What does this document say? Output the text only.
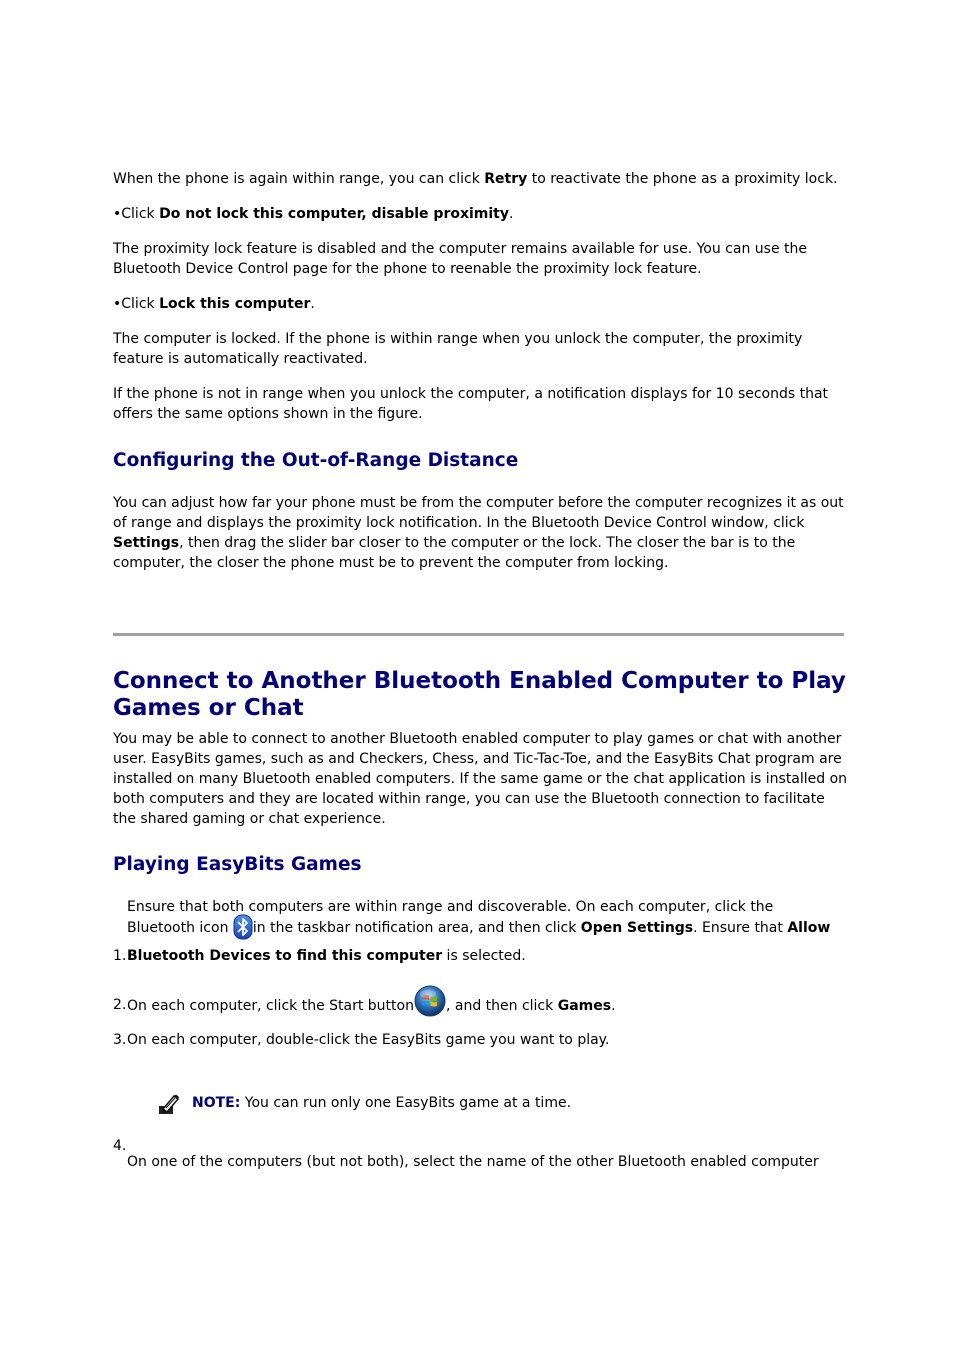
When the phone is again within range, you can click Retry to reactivate the phone as a proximity lock.

•Click Do not lock this computer, disable proximity.

The proximity lock feature is disabled and the computer remains available for use. You can use the Bluetooth Device Control page for the phone to reenable the proximity lock feature.

•Click Lock this computer.

The computer is locked. If the phone is within range when you unlock the computer, the proximity feature is automatically reactivated.

If the phone is not in range when you unlock the computer, a notification displays for 10 seconds that offers the same options shown in the figure.

Configuring the Out-of-Range Distance

You can adjust how far your phone must be from the computer before the computer recognizes it as out of range and displays the proximity lock notification. In the Bluetooth Device Control window, click Settings, then drag the slider bar closer to the computer or the lock. The closer the bar is to the computer, the closer the phone must be to prevent the computer from locking.

Connect to Another Bluetooth Enabled Computer to Play Games or Chat

You may be able to connect to another Bluetooth enabled computer to play games or chat with another user. EasyBits games, such as and Checkers, Chess, and Tic-Tac-Toe, and the EasyBits Chat program are installed on many Bluetooth enabled computers. If the same game or the chat application is installed on both computers and they are located within range, you can use the Bluetooth connection to facilitate the shared gaming or chat experience.

Playing EasyBits Games
1.
Ensure that both computers are within range and discoverable. On each computer, click the
Bluetooth icon in the taskbar notification area, and then click Open Settings. Ensure that Allow
Bluetooth Devices to find this computer is selected.
2. On each computer, click the Start button, and then click Games.
3. On each computer, double-click the EasyBits game you want to play.
NOTE: You can run only one EasyBits game at a time.
4.
On one of the computers (but not both), select the name of the other Bluetooth enabled computer
